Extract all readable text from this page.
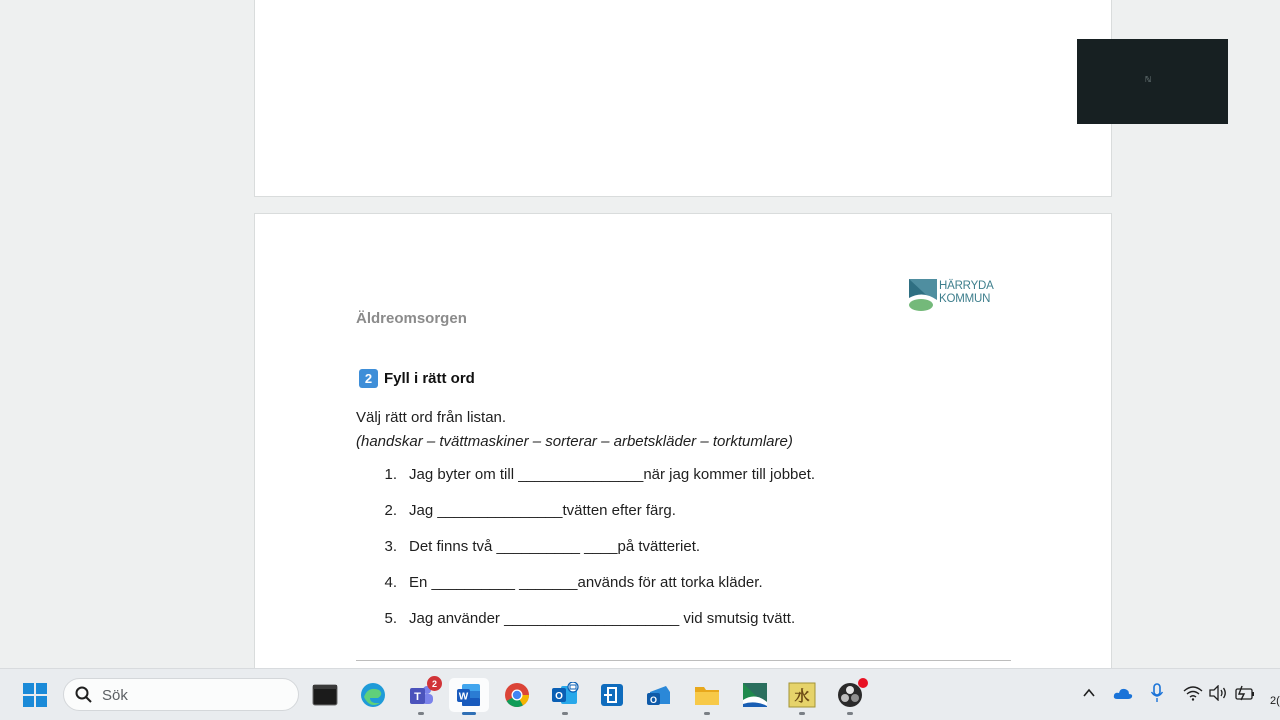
ℕ
HÄRRYDA
KOMMUN
Äldreomsorgen
2 Fyll i rätt ord
Välj rätt ord från listan.
(handskar – tvättmaskiner – sorterar – arbetskläder – torktumlare)
1. Jag byter om till _______________när jag kommer till jobbet.
2. Jag _______________tvätten efter färg.
3. Det finns två __________ ____på tvätteriet.
4. En __________ _______används för att torka kläder.
5. Jag använder _____________________ vid smutsig tvätt.
Sök	T
2
W	O	O	水	2(
